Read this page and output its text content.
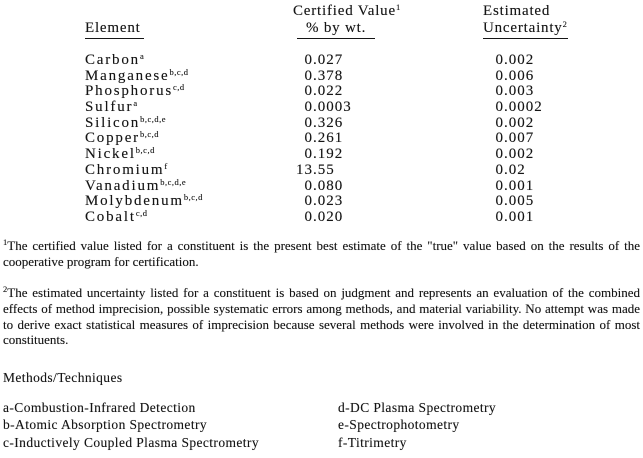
Element
Certified Value$^1$
% by wt.
Estimated
Uncertainty$^2$
Carbon$^a$	0 .027	0 .002
Manganese$^{b,c,d}$	0 .378	0 .006
Phosphorus$^{c,d}$	0 .022	0 .003
Sulfur$^a$	0 .0003	0 .0002
Silicon$^{b,c,d,e}$	0 .326	0 .002
Copper$^{b,c,d}$	0 .261	0 .007
Nickel$^{b,c,d}$	0 .192	0 .002
Chromium$^f$	13 .55	0 .02
Vanadium$^{b,c,d,e}$	0 .080	0 .001
Molybdenum$^{b,c,d}$	0 .023	0 .005
Cobalt$^{c,d}$	0 .020	0 .001

$^1$The certified value listed for a constituent is the present best estimate of the "true" value based on the results of the cooperative program for certification.

$^2$The estimated uncertainty listed for a constituent is based on judgment and represents an evaluation of the combined effects of method imprecision, possible systematic errors among methods, and material variability. No attempt was made to derive exact statistical measures of imprecision because several methods were involved in the determination of most constituents.

Methods/Techniques
a-Combustion-Infrared Detection
b-Atomic Absorption Spectrometry
c-Inductively Coupled Plasma Spectrometry
d-DC Plasma Spectrometry
e-Spectrophotometry
f-Titrimetry
